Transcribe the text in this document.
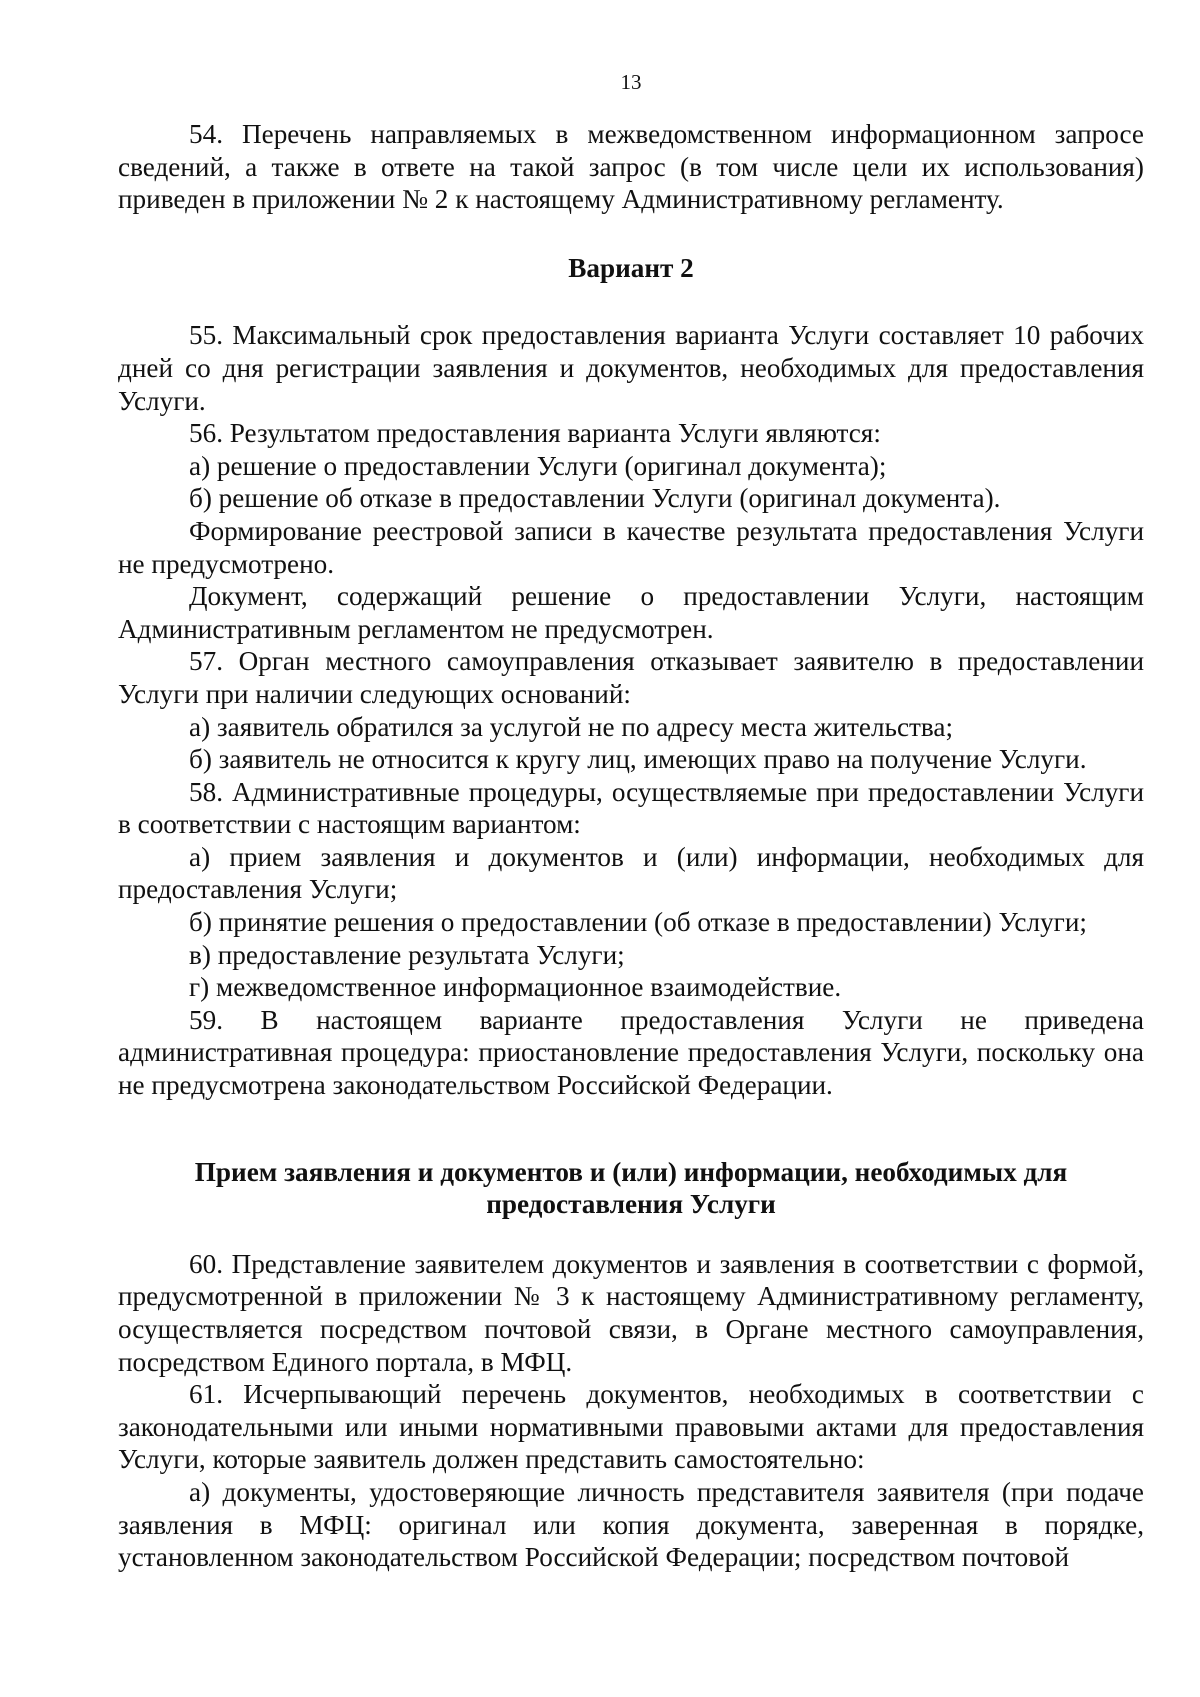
13

54. Перечень направляемых в межведомственном информационном запросе сведений, а также в ответе на такой запрос (в том числе цели их использования) приведен в приложении № 2 к настоящему Административному регламенту.

Вариант 2

55. Максимальный срок предоставления варианта Услуги составляет 10 рабочих дней со дня регистрации заявления и документов, необходимых для предоставления Услуги.

56. Результатом предоставления варианта Услуги являются:

а) решение о предоставлении Услуги (оригинал документа);

б) решение об отказе в предоставлении Услуги (оригинал документа).

Формирование реестровой записи в качестве результата предоставления Услуги не предусмотрено.

Документ, содержащий решение о предоставлении Услуги, настоящим Административным регламентом не предусмотрен.

57. Орган местного самоуправления отказывает заявителю в предоставлении Услуги при наличии следующих оснований:

а) заявитель обратился за услугой не по адресу места жительства;

б) заявитель не относится к кругу лиц, имеющих право на получение Услуги.

58. Административные процедуры, осуществляемые при предоставлении Услуги в соответствии с настоящим вариантом:

а) прием заявления и документов и (или) информации, необходимых для предоставления Услуги;

б) принятие решения о предоставлении (об отказе в предоставлении) Услуги;

в) предоставление результата Услуги;

г) межведомственное информационное взаимодействие.

59. В настоящем варианте предоставления Услуги не приведена административная процедура: приостановление предоставления Услуги, поскольку она не предусмотрена законодательством Российской Федерации.

Прием заявления и документов и (или) информации, необходимых для предоставления Услуги

60. Представление заявителем документов и заявления в соответствии с формой, предусмотренной в приложении № 3 к настоящему Административному регламенту, осуществляется посредством почтовой связи, в Органе местного самоуправления, посредством Единого портала, в МФЦ.

61. Исчерпывающий перечень документов, необходимых в соответствии с законодательными или иными нормативными правовыми актами для предоставления Услуги, которые заявитель должен представить самостоятельно:

а) документы, удостоверяющие личность представителя заявителя (при подаче заявления в МФЦ: оригинал или копия документа, заверенная в порядке, установленном законодательством Российской Федерации; посредством почтовой
